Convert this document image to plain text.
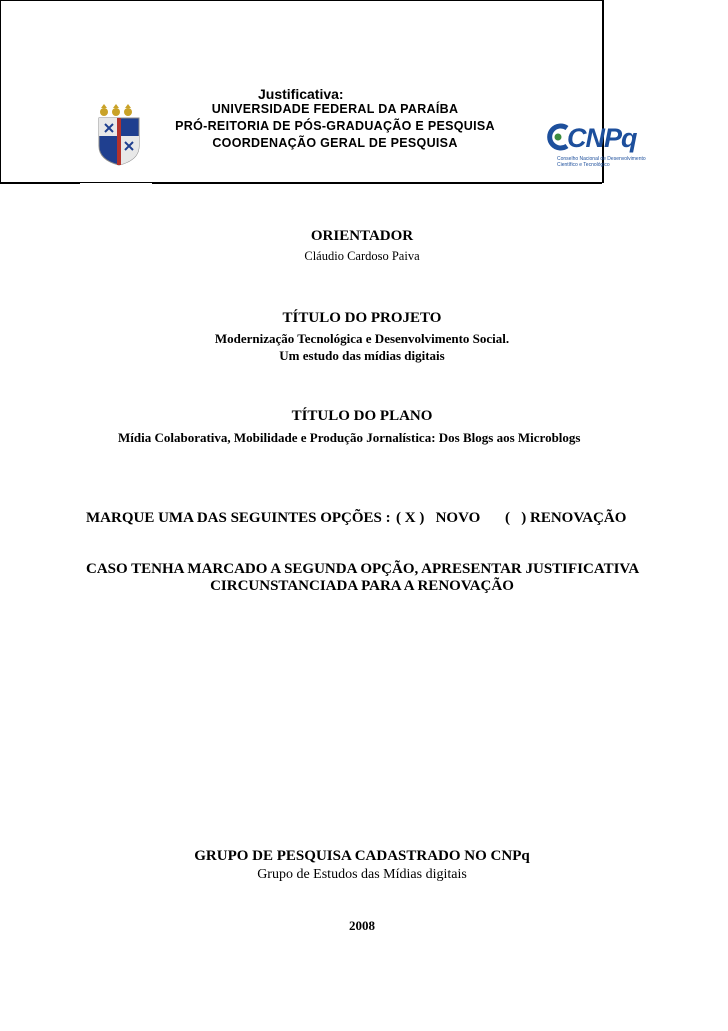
Justificativa:
UNIVERSIDADE FEDERAL DA PARAÍBA
PRÓ-REITORIA DE PÓS-GRADUAÇÃO E PESQUISA
COORDENAÇÃO GERAL DE PESQUISA	CNPq
Conselho Nacional de Desenvolvimento
Científico e Tecnológico
ORIENTADOR
Cláudio Cardoso Paiva
TÍTULO DO PROJETO
Modernização Tecnológica e Desenvolvimento Social.
Um estudo das mídias digitais
TÍTULO DO PLANO
Mídia Colaborativa, Mobilidade e Produção Jornalística: Dos Blogs aos Microblogs
MARQUE UMA DAS SEGUINTES OPÇÕES : ( X )   NOVO (   ) RENOVAÇÃO
CASO TENHA MARCADO A SEGUNDA OPÇÃO, APRESENTAR JUSTIFICATIVA
CIRCUNSTANCIADA PARA A RENOVAÇÃO
GRUPO DE PESQUISA CADASTRADO NO CNPq
Grupo de Estudos das Mídias digitais
2008
